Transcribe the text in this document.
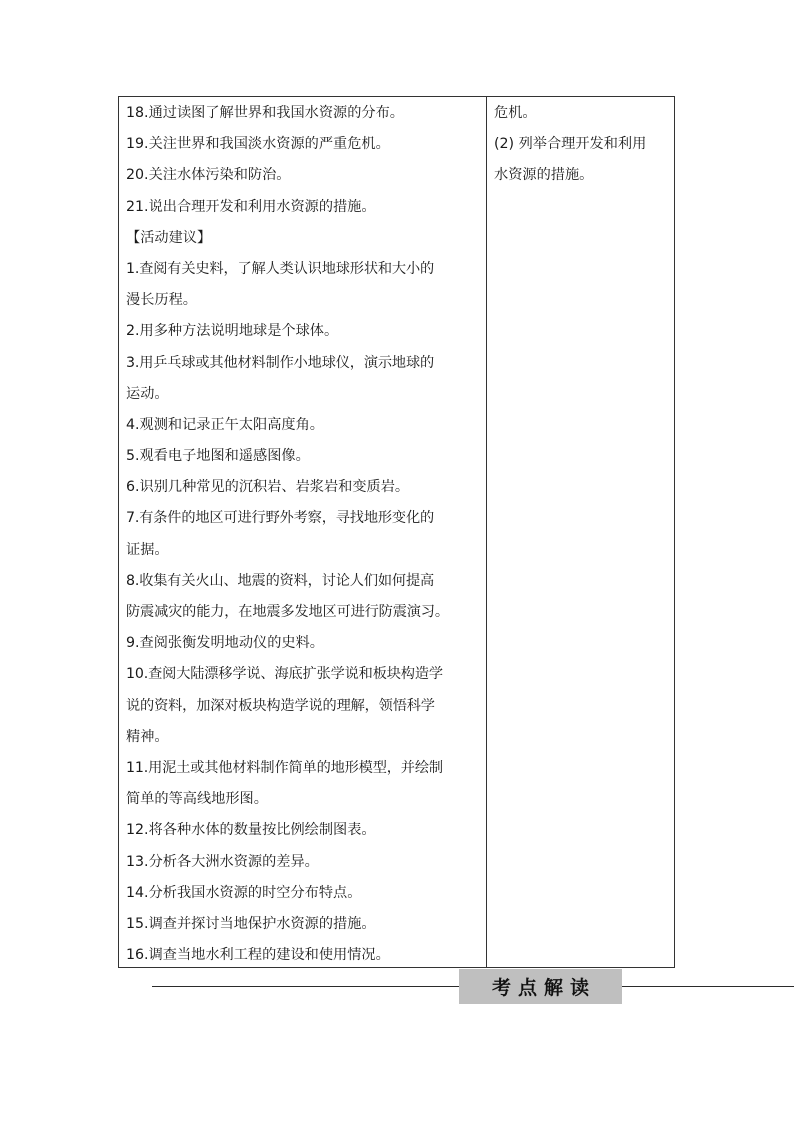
18.通过读图了解世界和我国水资源的分布。
19.关注世界和我国淡水资源的严重危机。
20.关注水体污染和防治。
21.说出合理开发和利用水资源的措施。
【活动建议】
1.查阅有关史料，了解人类认识地球形状和大小的
漫长历程。
2.用多种方法说明地球是个球体。
3.用乒乓球或其他材料制作小地球仪，演示地球的
运动。
4.观测和记录正午太阳高度角。
5.观看电子地图和遥感图像。
6.识别几种常见的沉积岩、岩浆岩和变质岩。
7.有条件的地区可进行野外考察，寻找地形变化的
证据。
8.收集有关火山、地震的资料，讨论人们如何提高
防震减灾的能力，在地震多发地区可进行防震演习。
9.查阅张衡发明地动仪的史料。
10.查阅大陆漂移学说、海底扩张学说和板块构造学
说的资料，加深对板块构造学说的理解，领悟科学
精神。
11.用泥土或其他材料制作简单的地形模型，并绘制
简单的等高线地形图。
12.将各种水体的数量按比例绘制图表。
13.分析各大洲水资源的差异。
14.分析我国水资源的时空分布特点。
15.调查并探讨当地保护水资源的措施。
16.调查当地水利工程的建设和使用情况。
危机。
(2) 列举合理开发和利用
水资源的措施。
考点解读
